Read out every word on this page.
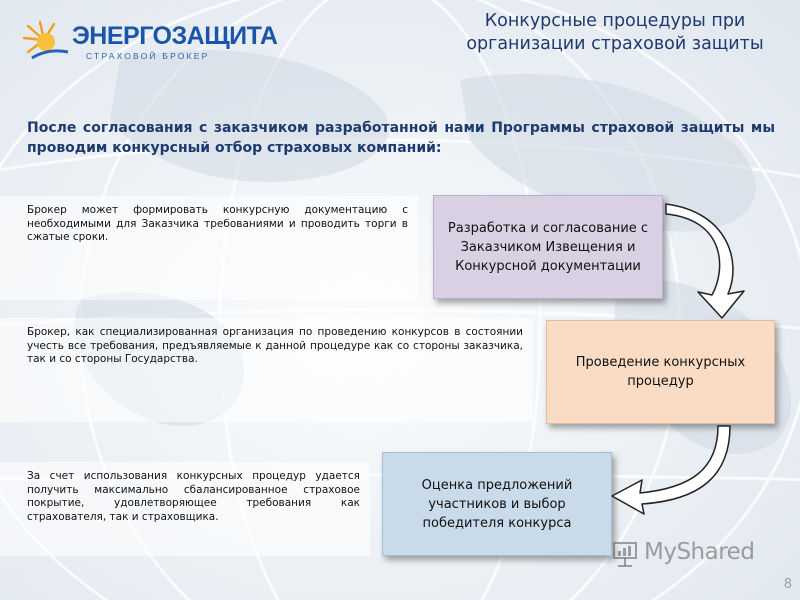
ЭНЕРГОЗАЩИТА
СТРАХОВОЙ БРОКЕР
Конкурсные процедуры при
организации страховой защиты
После согласования с заказчиком разработанной нами Программы страховой защиты мы проводим конкурсный отбор страховых компаний:
Брокер может формировать конкурсную документацию с необходимыми для Заказчика требованиями и проводить торги в сжатые сроки.
Брокер, как специализированная организация по проведению конкурсов в состоянии учесть все требования, предъявляемые к данной процедуре как со стороны заказчика, так и со стороны Государства.
За счет использования конкурсных процедур удается получить максимально сбалансированное страховое покрытие, удовлетворяющее требования как страхователя, так и страховщика.
Разработка и согласование с Заказчиком Извещения и Конкурсной документации
Проведение конкурсных процедур
Оценка предложений участников и выбор победителя конкурса
MyShared
8
